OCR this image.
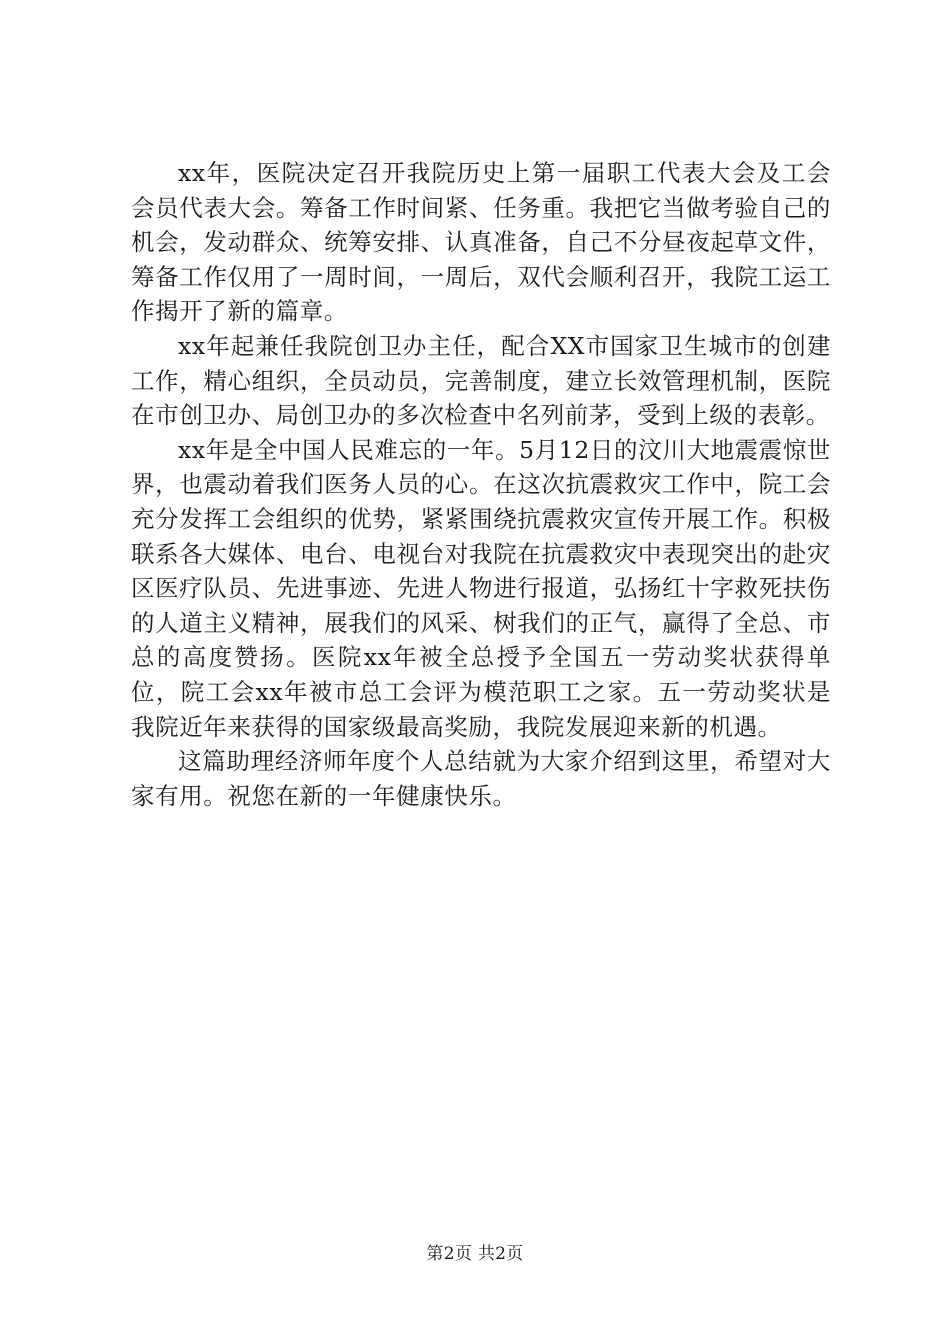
xx年，医院决定召开我院历史上第一届职工代表大会及工会会员代表大会。筹备工作时间紧、任务重。我把它当做考验自己的机会，发动群众、统筹安排、认真准备，自己不分昼夜起草文件，筹备工作仅用了一周时间，一周后，双代会顺利召开，我院工运工作揭开了新的篇章。

xx年起兼任我院创卫办主任，配合XX市国家卫生城市的创建工作，精心组织，全员动员，完善制度，建立长效管理机制，医院在市创卫办、局创卫办的多次检查中名列前茅，受到上级的表彰。

xx年是全中国人民难忘的一年。5月12日的汶川大地震震惊世界，也震动着我们医务人员的心。在这次抗震救灾工作中，院工会充分发挥工会组织的优势，紧紧围绕抗震救灾宣传开展工作。积极联系各大媒体、电台、电视台对我院在抗震救灾中表现突出的赴灾区医疗队员、先进事迹、先进人物进行报道，弘扬红十字救死扶伤的人道主义精神，展我们的风采、树我们的正气，赢得了全总、市总的高度赞扬。医院xx年被全总授予全国五一劳动奖状获得单位，院工会xx年被市总工会评为模范职工之家。五一劳动奖状是我院近年来获得的国家级最高奖励，我院发展迎来新的机遇。

这篇助理经济师年度个人总结就为大家介绍到这里，希望对大家有用。祝您在新的一年健康快乐。

第2页 共2页
